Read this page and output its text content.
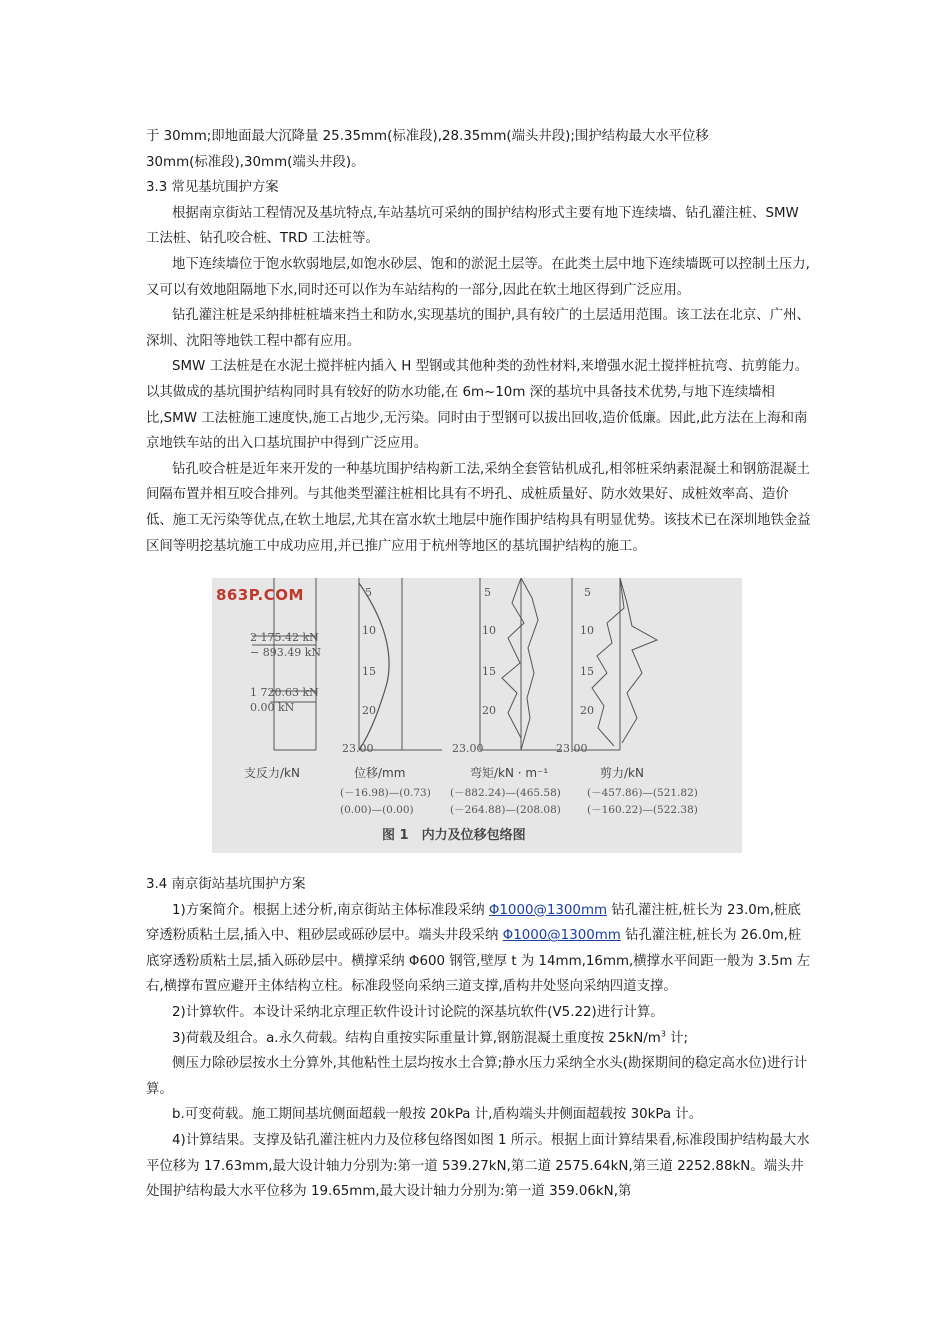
于 30mm;即地面最大沉降量 25.35mm(标准段),28.35mm(端头井段);围护结构最大水平位移

30mm(标准段),30mm(端头井段)。

3.3 常见基坑围护方案

根据南京街站工程情况及基坑特点,车站基坑可采纳的围护结构形式主要有地下连续墙、钻孔灌注桩、SMW 工法桩、钻孔咬合桩、TRD 工法桩等。

地下连续墙位于饱水软弱地层,如饱水砂层、饱和的淤泥土层等。在此类土层中地下连续墙既可以控制土压力,又可以有效地阻隔地下水,同时还可以作为车站结构的一部分,因此在软土地区得到广泛应用。

钻孔灌注桩是采纳排桩桩墙来挡土和防水,实现基坑的围护,具有较广的土层适用范围。该工法在北京、广州、深圳、沈阳等地铁工程中都有应用。

SMW 工法桩是在水泥土搅拌桩内插入 H 型钢或其他种类的劲性材料,来增强水泥土搅拌桩抗弯、抗剪能力。以其做成的基坑围护结构同时具有较好的防水功能,在 6m~10m 深的基坑中具备技术优势,与地下连续墙相比,SMW 工法桩施工速度快,施工占地少,无污染。同时由于型钢可以拔出回收,造价低廉。因此,此方法在上海和南京地铁车站的出入口基坑围护中得到广泛应用。

钻孔咬合桩是近年来开发的一种基坑围护结构新工法,采纳全套管钻机成孔,相邻桩采纳素混凝土和钢筋混凝土间隔布置并相互咬合排列。与其他类型灌注桩相比具有不坍孔、成桩质量好、防水效果好、成桩效率高、造价低、施工无污染等优点,在软土地层,尤其在富水软土地层中施作围护结构具有明显优势。该技术已在深圳地铁金益区间等明挖基坑施工中成功应用,并已推广应用于杭州等地区的基坑围护结构的施工。

863P.COM
2 175.42 kN
− 893.49 kN
1 720.63 kN
0.00 kN
5
10
15
20
23.00
5
10
15
20
23.00
5
10
15
20
23.00
支反力/kN	位移/mm	弯矩/kN · m⁻¹	剪力/kN
(－16.98)—(0.73)
(0.00)—(0.00)
(－882.24)—(465.58)
(－264.88)—(208.08)
(－457.86)—(521.82)
(－160.22)—(522.38)
图 1　内力及位移包络图

3.4 南京街站基坑围护方案

1)方案简介。根据上述分析,南京街站主体标准段采纳 Φ1000@1300mm 钻孔灌注桩,桩长为 23.0m,桩底穿透粉质粘土层,插入中、粗砂层或砾砂层中。端头井段采纳 Φ1000@1300mm 钻孔灌注桩,桩长为 26.0m,桩底穿透粉质粘土层,插入砾砂层中。横撑采纳 Φ600 钢管,壁厚 t 为 14mm,16mm,横撑水平间距一般为 3.5m 左右,横撑布置应避开主体结构立柱。标准段竖向采纳三道支撑,盾构井处竖向采纳四道支撑。

2)计算软件。本设计采纳北京理正软件设计讨论院的深基坑软件(V5.22)进行计算。

3)荷载及组合。a.永久荷载。结构自重按实际重量计算,钢筋混凝土重度按 $25kN/m^3$ 计;

侧压力除砂层按水土分算外,其他粘性土层均按水土合算;静水压力采纳全水头(勘探期间的稳定高水位)进行计算。

b.可变荷载。施工期间基坑侧面超载一般按 20kPa 计,盾构端头井侧面超载按 30kPa 计。

4)计算结果。支撑及钻孔灌注桩内力及位移包络图如图 1 所示。根据上面计算结果看,标准段围护结构最大水平位移为 17.63mm,最大设计轴力分别为:第一道 539.27kN,第二道 2575.64kN,第三道 2252.88kN。端头井处围护结构最大水平位移为 19.65mm,最大设计轴力分别为:第一道 359.06kN,第
